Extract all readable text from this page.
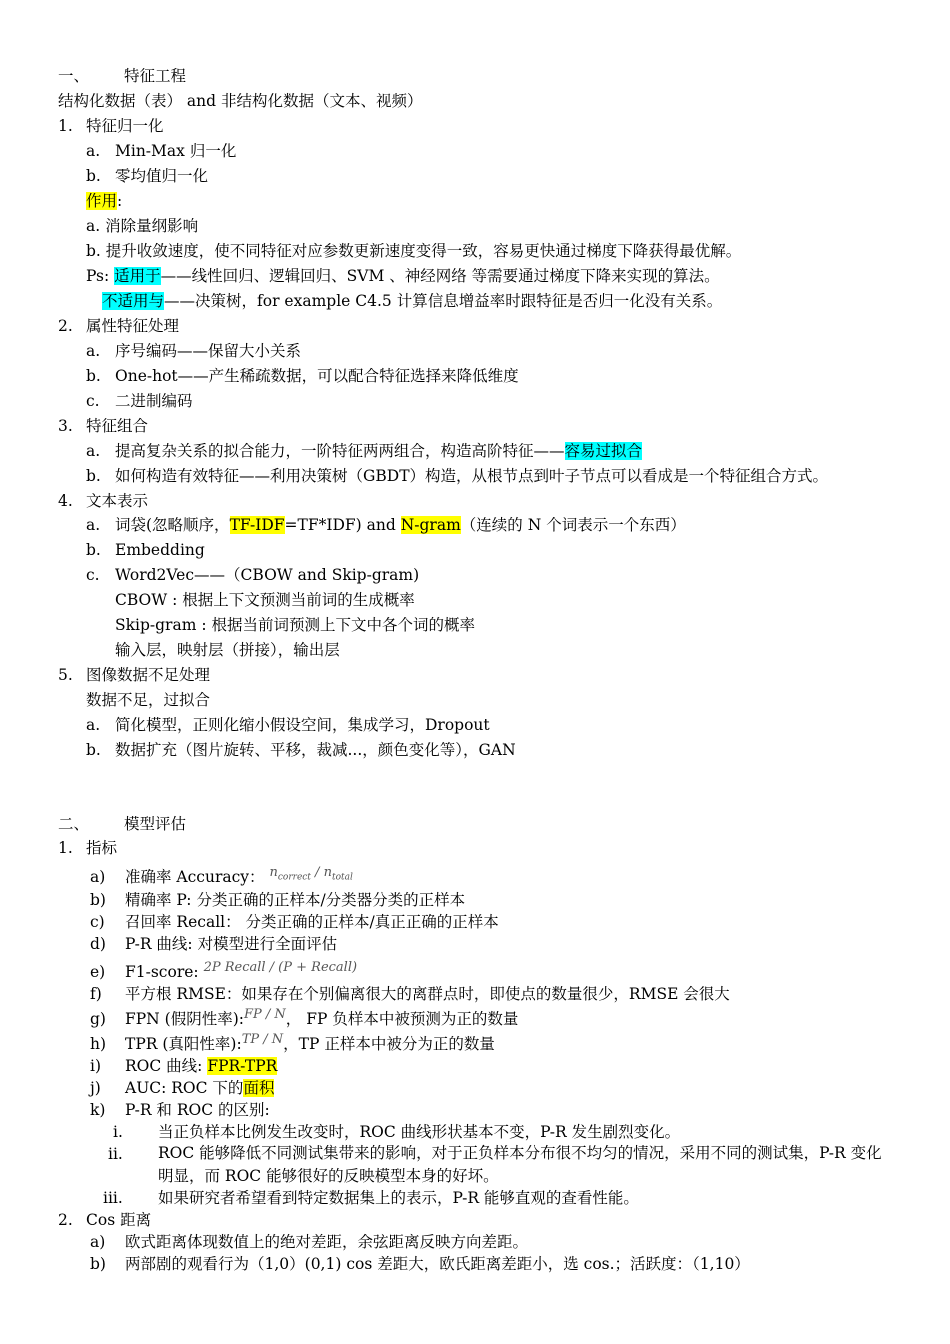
一、 特征工程
结构化数据（表） and 非结构化数据（文本、视频）
1. 特征归一化
a. Min-Max 归一化
b. 零均值归一化
作用:
a. 消除量纲影响
b. 提升收敛速度，使不同特征对应参数更新速度变得一致，容易更快通过梯度下降获得最优解。
Ps: 适用于——线性回归、逻辑回归、SVM 、神经网络 等需要通过梯度下降来实现的算法。
不适用与——决策树，for example C4.5 计算信息增益率时跟特征是否归一化没有关系。
2. 属性特征处理
a. 序号编码——保留大小关系
b. One-hot——产生稀疏数据，可以配合特征选择来降低维度
c. 二进制编码
3. 特征组合
a. 提高复杂关系的拟合能力，一阶特征两两组合，构造高阶特征——容易过拟合
b. 如何构造有效特征——利用决策树（GBDT）构造，从根节点到叶子节点可以看成是一个特征组合方式。
4. 文本表示
a. 词袋(忽略顺序，TF-IDF=TF*IDF) and N-gram（连续的 N 个词表示一个东西）
b. Embedding
c. Word2Vec——（CBOW and Skip-gram)
CBOW : 根据上下文预测当前词的生成概率
Skip-gram : 根据当前词预测上下文中各个词的概率
输入层，映射层（拼接），输出层
5. 图像数据不足处理
数据不足，过拟合
a. 简化模型，正则化缩小假设空间，集成学习，Dropout
b. 数据扩充（图片旋转、平移，裁减...，颜色变化等），GAN
二、 模型评估
1. 指标
a) 准确率 Accuracy： $^{n_{correct} / n_{total}}$
b) 精确率 P: 分类正确的正样本/分类器分类的正样本
c) 召回率 Recall： 分类正确的正样本/真正正确的正样本
d) P-R 曲线: 对模型进行全面评估
e) F1-score: $^{2P Recall / (P + Recall)}$
f) 平方根 RMSE：如果存在个别偏离很大的离群点时，即使点的数量很少，RMSE 会很大
g) FPN (假阴性率):$^{FP / N}$， FP 负样本中被预测为正的数量
h) TPR (真阳性率):$^{TP / N}$，TP 正样本中被分为正的数量
i) ROC 曲线: FPR-TPR
j) AUC: ROC 下的面积
k) P-R 和 ROC 的区别:
i. 当正负样本比例发生改变时，ROC 曲线形状基本不变，P-R 发生剧烈变化。
ii. ROC 能够降低不同测试集带来的影响，对于正负样本分布很不均匀的情况，采用不同的测试集，P-R 变化明显，而 ROC 能够很好的反映模型本身的好坏。
iii. 如果研究者希望看到特定数据集上的表示，P-R 能够直观的查看性能。
2. Cos 距离
a) 欧式距离体现数值上的绝对差距，余弦距离反映方向差距。
b) 两部剧的观看行为（1,0）(0,1) cos 差距大，欧氏距离差距小，选 cos.；活跃度：（1,10）
